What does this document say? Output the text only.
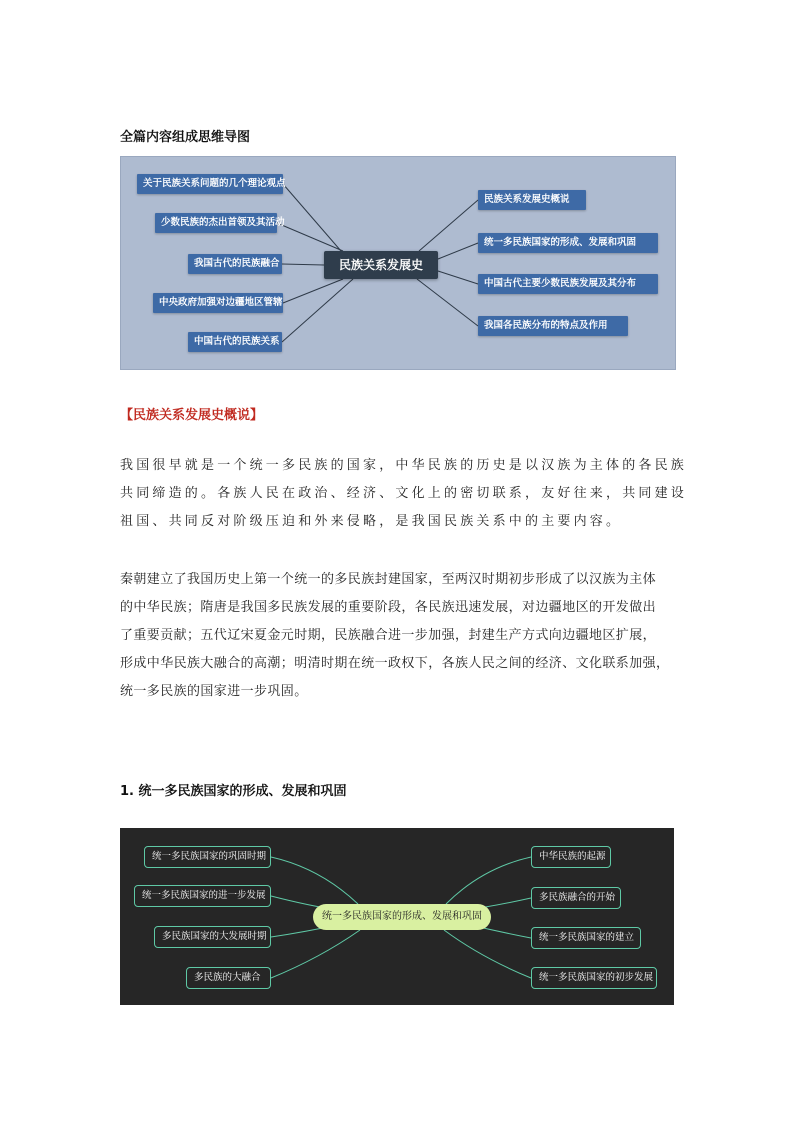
全篇内容组成思维导图
关于民族关系问题的几个理论观点
少数民族的杰出首领及其活动
我国古代的民族融合
中央政府加强对边疆地区管辖
中国古代的民族关系
民族关系发展史
民族关系发展史概说
统一多民族国家的形成、发展和巩固
中国古代主要少数民族发展及其分布
我国各民族分布的特点及作用
【民族关系发展史概说】
我国很早就是一个统一多民族的国家，中华民族的历史是以汉族为主体的各民族
共同缔造的。各族人民在政治、经济、文化上的密切联系，友好往来，共同建设
祖国、共同反对阶级压迫和外来侵略，是我国民族关系中的主要内容。
秦朝建立了我国历史上第一个统一的多民族封建国家，至两汉时期初步形成了以汉族为主体
的中华民族；隋唐是我国多民族发展的重要阶段，各民族迅速发展，对边疆地区的开发做出
了重要贡献；五代辽宋夏金元时期，民族融合进一步加强，封建生产方式向边疆地区扩展，
形成中华民族大融合的高潮；明清时期在统一政权下，各族人民之间的经济、文化联系加强，
统一多民族的国家进一步巩固。
1. 统一多民族国家的形成、发展和巩固
统一多民族国家的巩固时期
统一多民族国家的进一步发展
多民族国家的大发展时期
多民族的大融合
统一多民族国家的形成、发展和巩固
中华民族的起源
多民族融合的开始
统一多民族国家的建立
统一多民族国家的初步发展
